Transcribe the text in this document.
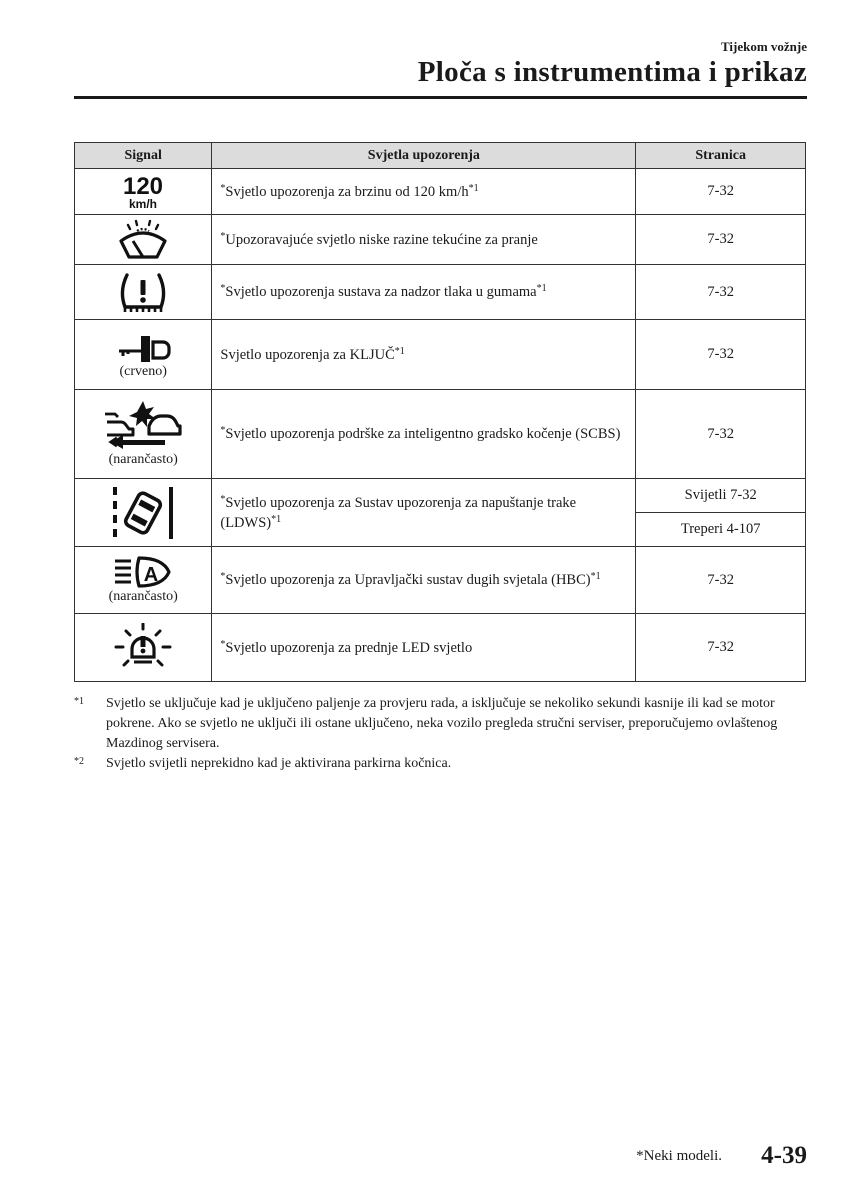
Tijekom vožnje
Ploča s instrumentima i prikaz
Signal	Svjetla upozorenja	Stranica

120
km/h	*Svjetlo upozorenja za brzinu od 120 $km/h^{*1}$	7-32

	*Upozoravajuće svjetlo niske razine tekućine za pranje	7-32

	*Svjetlo upozorenja sustava za nadzor tlaka u gumama$^{*1}$	7-32

(crveno)	Svjetlo upozorenja za KLJUČ$^{*1}$	7-32

(narančasto)	*Svjetlo upozorenja podrške za inteligentno gradsko kočenje (SCBS)	7-32

	*Svjetlo upozorenja za Sustav upozorenja za napuštanje trake (LDWS)$^{*1}$	Svijetli 7-32
		Treperi 4-107

A
(narančasto)	*Svjetlo upozorenja za Upravljački sustav dugih svjetala (HBC)$^{*1}$	7-32

	*Svjetlo upozorenja za prednje LED svjetlo	7-32
$^{*1}$	Svjetlo se uključuje kad je uključeno paljenje za provjeru rada, a isključuje se nekoliko sekundi kasnije ili kad se motor pokrene. Ako se svjetlo ne uključi ili ostane uključeno, neka vozilo pregleda stručni serviser, preporučujemo ovlaštenog Mazdinog servisera.
$^{*2}$	Svjetlo svijetli neprekidno kad je aktivirana parkirna kočnica.
*Neki modeli. 4-39
